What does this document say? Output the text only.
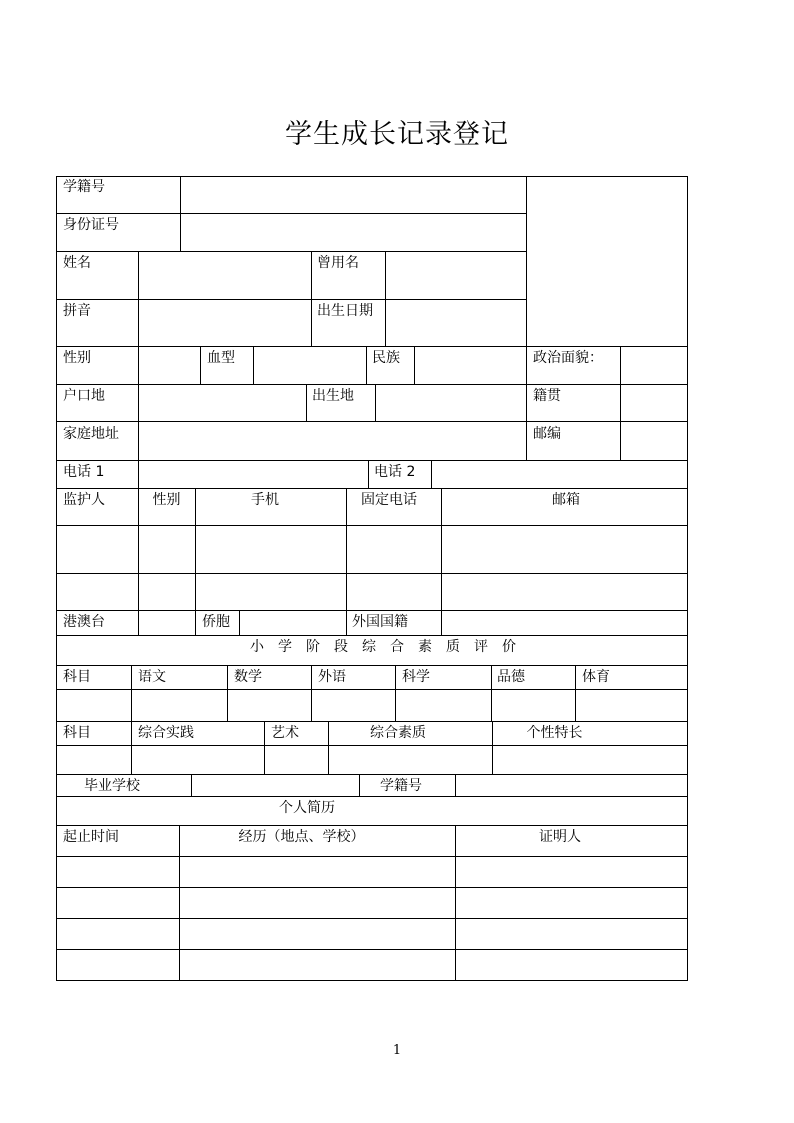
学生成长记录登记
学籍号
身份证号
姓名	曾用名
拼音	出生日期
性别	血型	民族	政治面貌：
户口地	出生地	籍贯
家庭地址	邮编
电话 1	电话 2
监护人	性别	手机	固定电话	邮箱
港澳台	侨胞	外国国籍
小学阶段综合素质评价
科目	语文	数学	外语	科学	品德	体育
科目	综合实践	艺术	综合素质	个性特长
毕业学校	学籍号
个人简历
起止时间	经历（地点、学校）	证明人
1
